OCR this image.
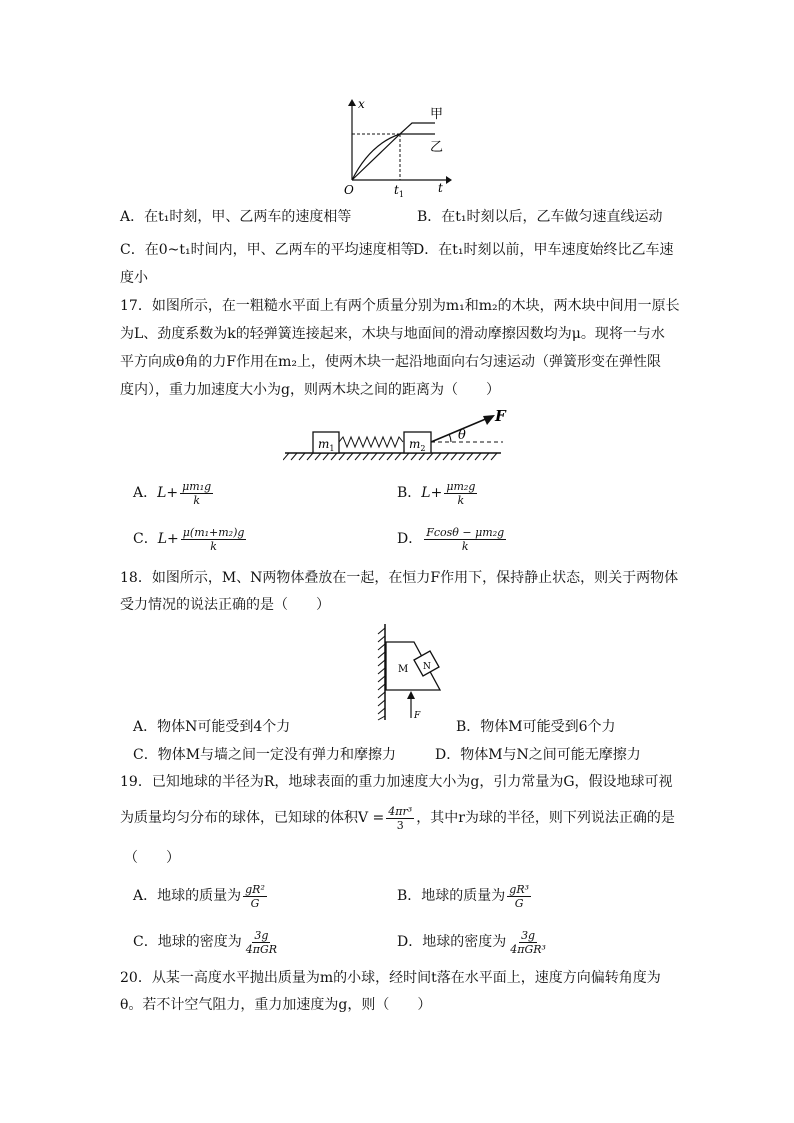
x
t
O	$t_1$
甲
乙
A．在t₁时刻，甲、乙两车的速度相等	B．在t₁时刻以后，乙车做匀速直线运动
C．在0~t₁时间内，甲、乙两车的平均速度相等
D．在t₁时刻以前，甲车速度始终比乙车速
度小
17．如图所示，在一粗糙水平面上有两个质量分别为m₁和m₂的木块，两木块中间用一原长
为L、劲度系数为k的轻弹簧连接起来，木块与地面间的滑动摩擦因数均为μ。现将一与水
平方向成θ角的力F作用在m₂上，使两木块一起沿地面向右匀速运动（弹簧形变在弹性限
度内），重力加速度大小为g，则两木块之间的距离为（　　）
$m_1$	$m_2$
θ
F
A．$L+ \frac{\text{μm₁g}}{k}$	B．$L+ \frac{\text{μm₂g}}{k}$
C．$L+ \frac{\text{μ(m₁+m₂)g}}{k}$	D． $\frac{\text{Fcosθ − μm₂g}}{k}$
18．如图所示，M、N两物体叠放在一起，在恒力F作用下，保持静止状态，则关于两物体
受力情况的说法正确的是（　　）
M N
F
A．物体N可能受到4个力	B．物体M可能受到6个力
C．物体M与墙之间一定没有弹力和摩擦力	D．物体M与N之间可能无摩擦力
19．已知地球的半径为R，地球表面的重力加速度大小为g，引力常量为G，假设地球可视
为质量均匀分布的球体，已知球的体积$V = \frac{\text{4πr³}}{3}$ ，其中r为球的半径，则下列说法正确的是
（　　）
A．地球的质量为 $\frac{\text{gR²}}{G}$	B．地球的质量为 $\frac{\text{gR³}}{G}$
C．地球的密度为 $\frac{3g}{\text{4πGR}}$	D．地球的密度为 $\frac{3g}{\text{4πGR³}}$
20．从某一高度水平抛出质量为m的小球，经时间t落在水平面上，速度方向偏转角度为
θ。若不计空气阻力，重力加速度为g，则（　　）
